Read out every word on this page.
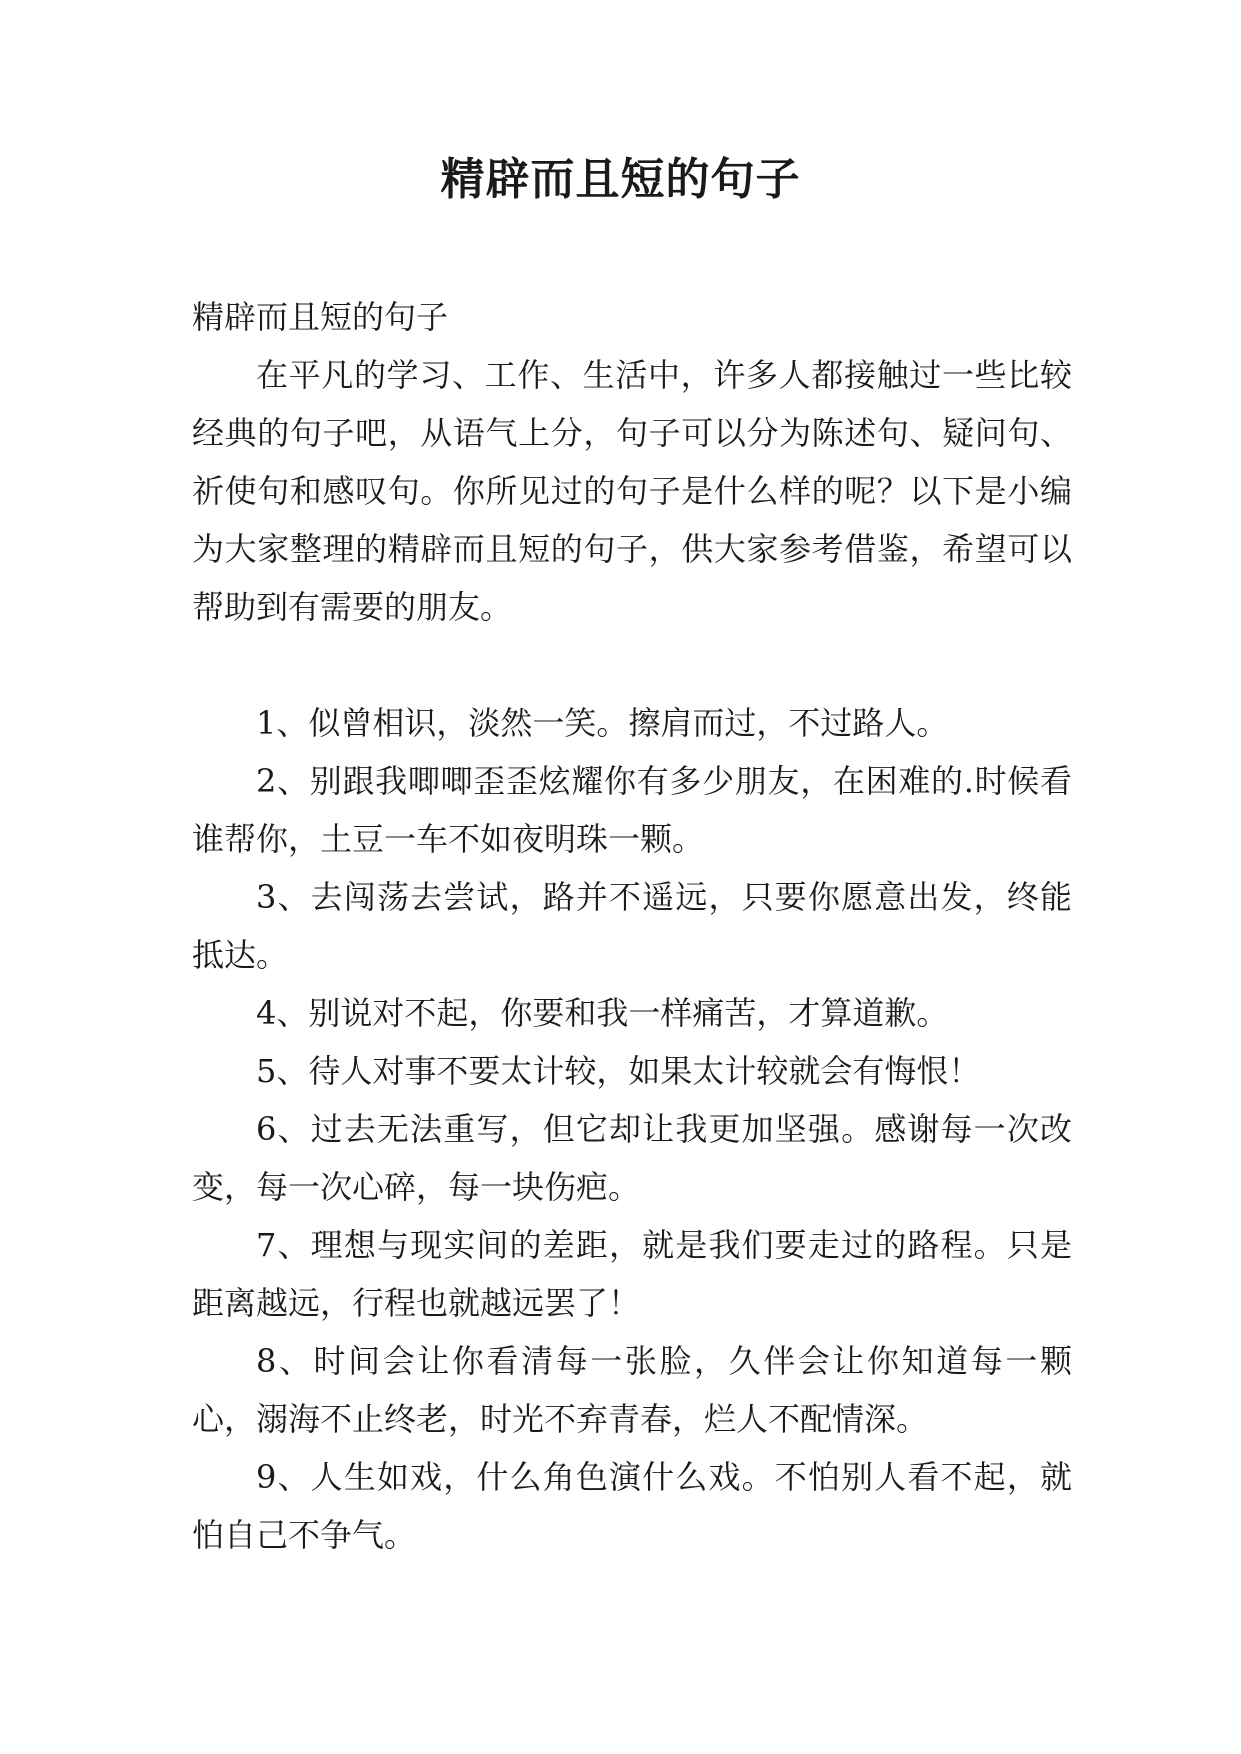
精辟而且短的句子

精辟而且短的句子

在平凡的学习、工作、生活中，许多人都接触过一些比较经典的句子吧，从语气上分，句子可以分为陈述句、疑问句、祈使句和感叹句。你所见过的句子是什么样的呢？以下是小编为大家整理的精辟而且短的句子，供大家参考借鉴，希望可以帮助到有需要的朋友。

1、似曾相识，淡然一笑。擦肩而过，不过路人。

2、别跟我唧唧歪歪炫耀你有多少朋友，在困难的.时候看谁帮你，土豆一车不如夜明珠一颗。

3、去闯荡去尝试，路并不遥远，只要你愿意出发，终能抵达。

4、别说对不起，你要和我一样痛苦，才算道歉。

5、待人对事不要太计较，如果太计较就会有悔恨！

6、过去无法重写，但它却让我更加坚强。感谢每一次改变，每一次心碎，每一块伤疤。

7、理想与现实间的差距，就是我们要走过的路程。只是距离越远，行程也就越远罢了！

8、时间会让你看清每一张脸，久伴会让你知道每一颗心，溺海不止终老，时光不弃青春，烂人不配情深。

9、人生如戏，什么角色演什么戏。不怕别人看不起，就怕自己不争气。
